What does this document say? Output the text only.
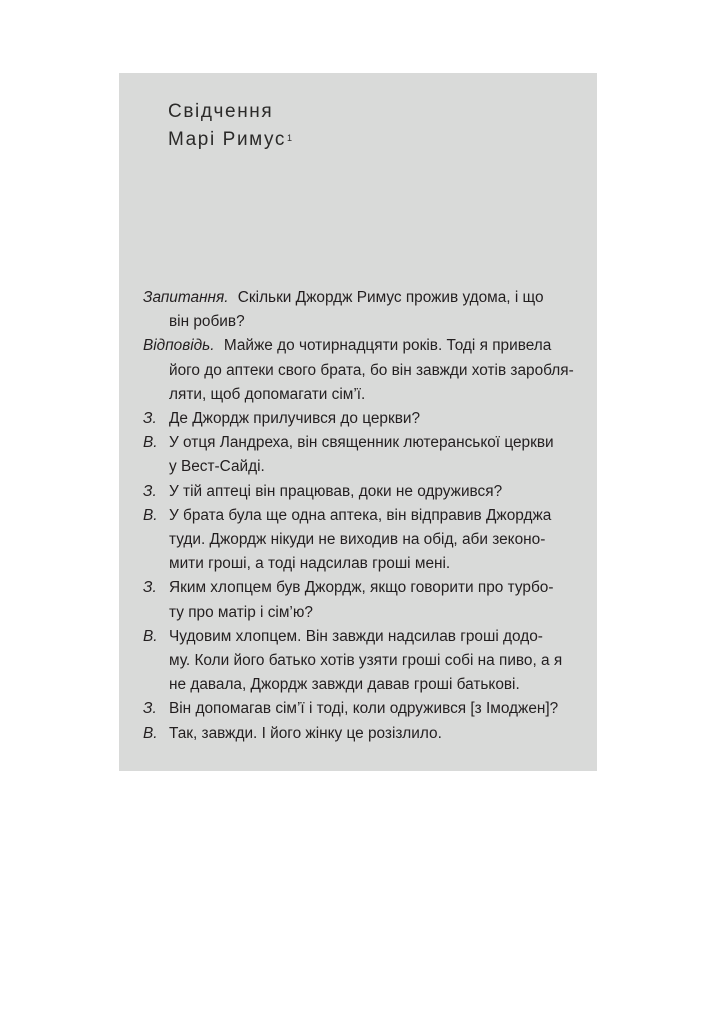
Свідчення
Марі Римус$^1$
Запитання. Скільки Джордж Римус прожив удома, і що
він робив?
Відповідь. Майже до чотирнадцяти років. Тоді я привела
його до аптеки свого брата, бо він завжди хотів заробля-
ляти, щоб допомагати сім’ї.
З. Де Джордж прилучився до церкви?
В. У отця Ландреха, він священник лютеранської церкви
у Вест-Сайді.
З. У тій аптеці він працював, доки не одружився?
В. У брата була ще одна аптека, він відправив Джорджа
туди. Джордж нікуди не виходив на обід, аби зеконо-
мити гроші, а тоді надсилав гроші мені.
З. Яким хлопцем був Джордж, якщо говорити про турбо-
ту про матір і сім’ю?
В. Чудовим хлопцем. Він завжди надсилав гроші додо-
му. Коли його батько хотів узяти гроші собі на пиво, а я
не давала, Джордж завжди давав гроші батькові.
З. Він допомагав сім’ї і тоді, коли одружився [з Імоджен]?
В. Так, завжди. І його жінку це розізлило.
